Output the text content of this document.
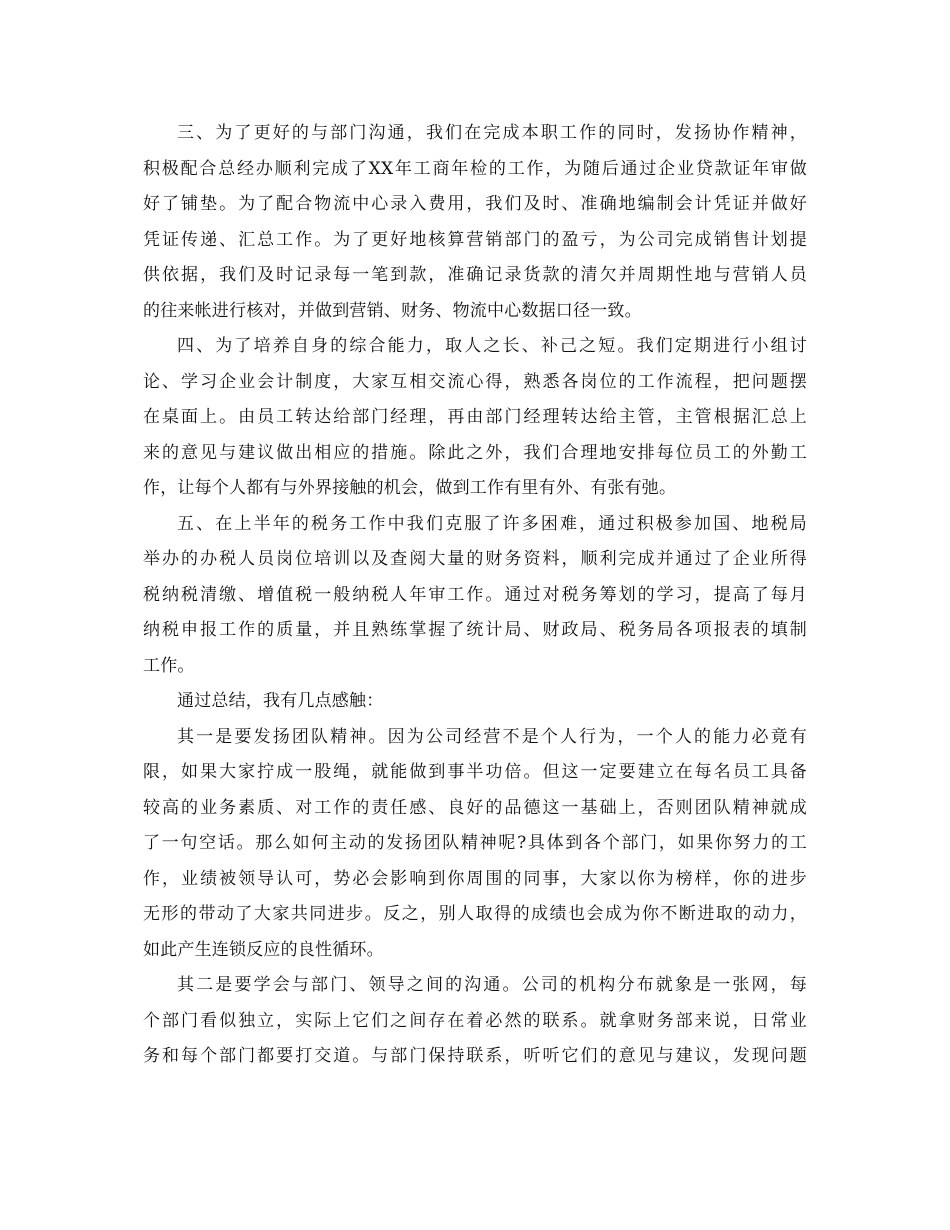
三、为了更好的与部门沟通，我们在完成本职工作的同时，发扬协作精神，
积极配合总经办顺利完成了XX年工商年检的工作，为随后通过企业贷款证年审做
好了铺垫。为了配合物流中心录入费用，我们及时、准确地编制会计凭证并做好
凭证传递、汇总工作。为了更好地核算营销部门的盈亏，为公司完成销售计划提
供依据，我们及时记录每一笔到款，准确记录货款的清欠并周期性地与营销人员
的往来帐进行核对，并做到营销、财务、物流中心数据口径一致。
四、为了培养自身的综合能力，取人之长、补己之短。我们定期进行小组讨
论、学习企业会计制度，大家互相交流心得，熟悉各岗位的工作流程，把问题摆
在桌面上。由员工转达给部门经理，再由部门经理转达给主管，主管根据汇总上
来的意见与建议做出相应的措施。除此之外，我们合理地安排每位员工的外勤工
作，让每个人都有与外界接触的机会，做到工作有里有外、有张有弛。
五、在上半年的税务工作中我们克服了许多困难，通过积极参加国、地税局
举办的办税人员岗位培训以及查阅大量的财务资料，顺利完成并通过了企业所得
税纳税清缴、增值税一般纳税人年审工作。通过对税务筹划的学习，提高了每月
纳税申报工作的质量，并且熟练掌握了统计局、财政局、税务局各项报表的填制
工作。
通过总结，我有几点感触：
其一是要发扬团队精神。因为公司经营不是个人行为，一个人的能力必竟有
限，如果大家拧成一股绳，就能做到事半功倍。但这一定要建立在每名员工具备
较高的业务素质、对工作的责任感、良好的品德这一基础上，否则团队精神就成
了一句空话。那么如何主动的发扬团队精神呢?具体到各个部门，如果你努力的工
作，业绩被领导认可，势必会影响到你周围的同事，大家以你为榜样，你的进步
无形的带动了大家共同进步。反之，别人取得的成绩也会成为你不断进取的动力，
如此产生连锁反应的良性循环。
其二是要学会与部门、领导之间的沟通。公司的机构分布就象是一张网，每
个部门看似独立，实际上它们之间存在着必然的联系。就拿财务部来说，日常业
务和每个部门都要打交道。与部门保持联系，听听它们的意见与建议，发现问题
